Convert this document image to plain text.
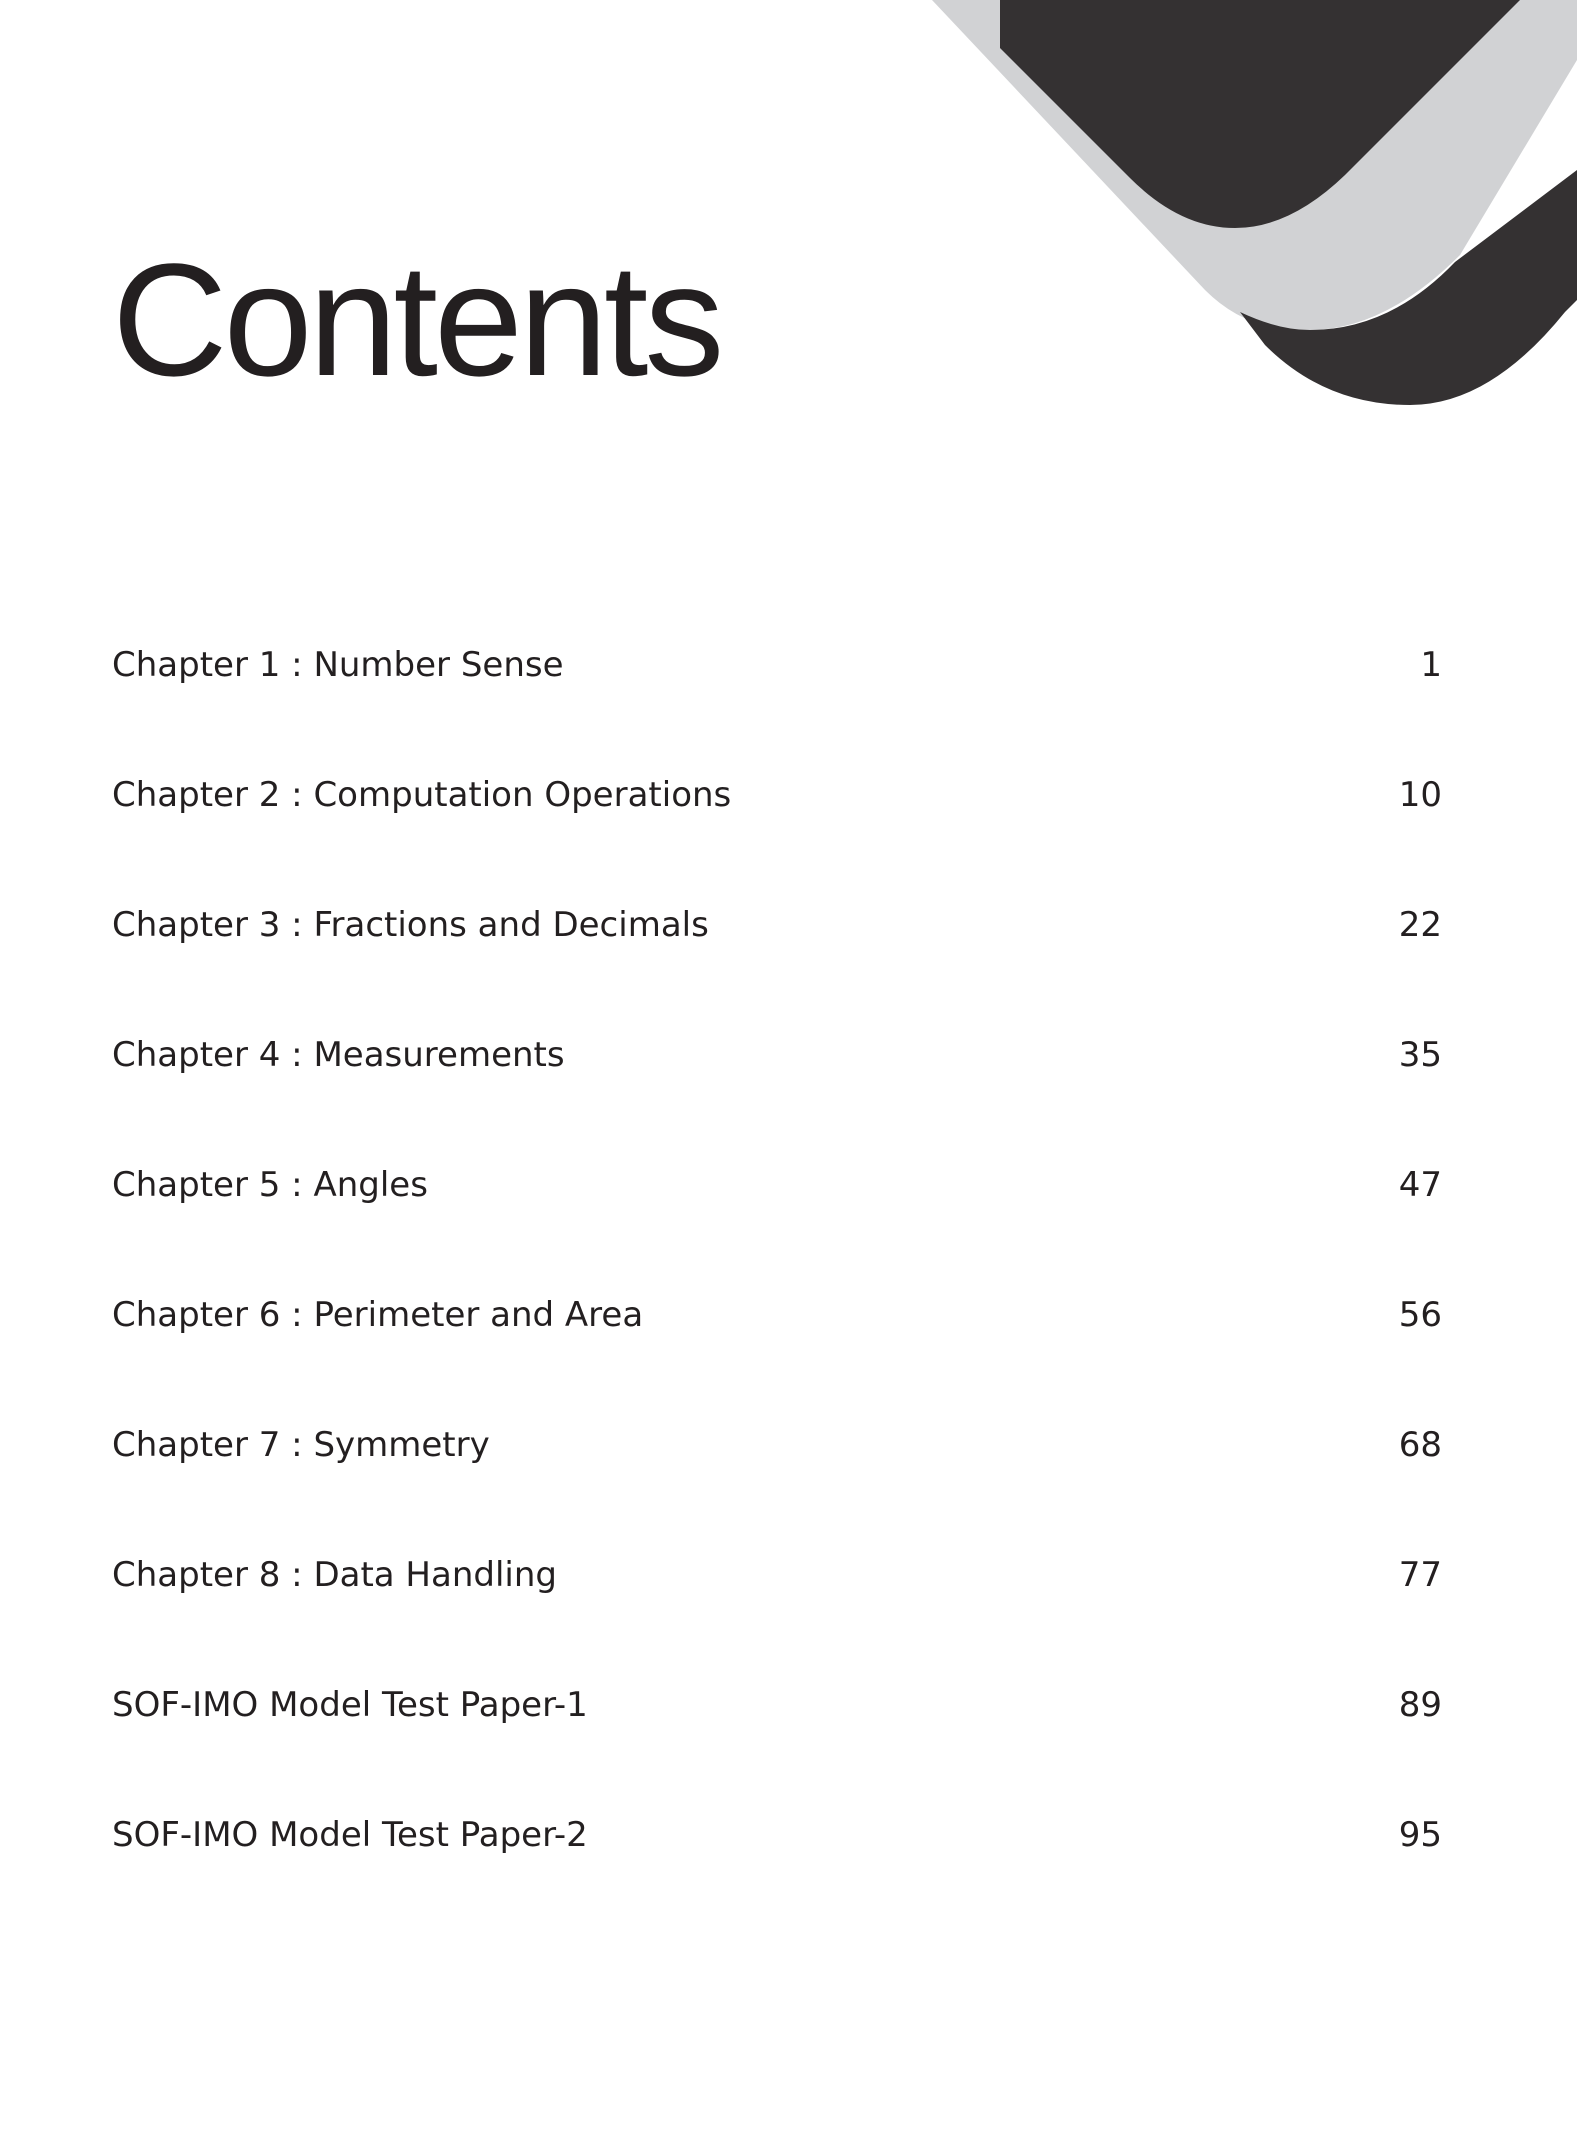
Contents
Chapter 1 : Number Sense	1
Chapter 2 : Computation Operations	10
Chapter 3 : Fractions and Decimals	22
Chapter 4 : Measurements	35
Chapter 5 : Angles	47
Chapter 6 : Perimeter and Area	56
Chapter 7 : Symmetry	68
Chapter 8 : Data Handling	77
SOF-IMO Model Test Paper-1	89
SOF-IMO Model Test Paper-2	95
